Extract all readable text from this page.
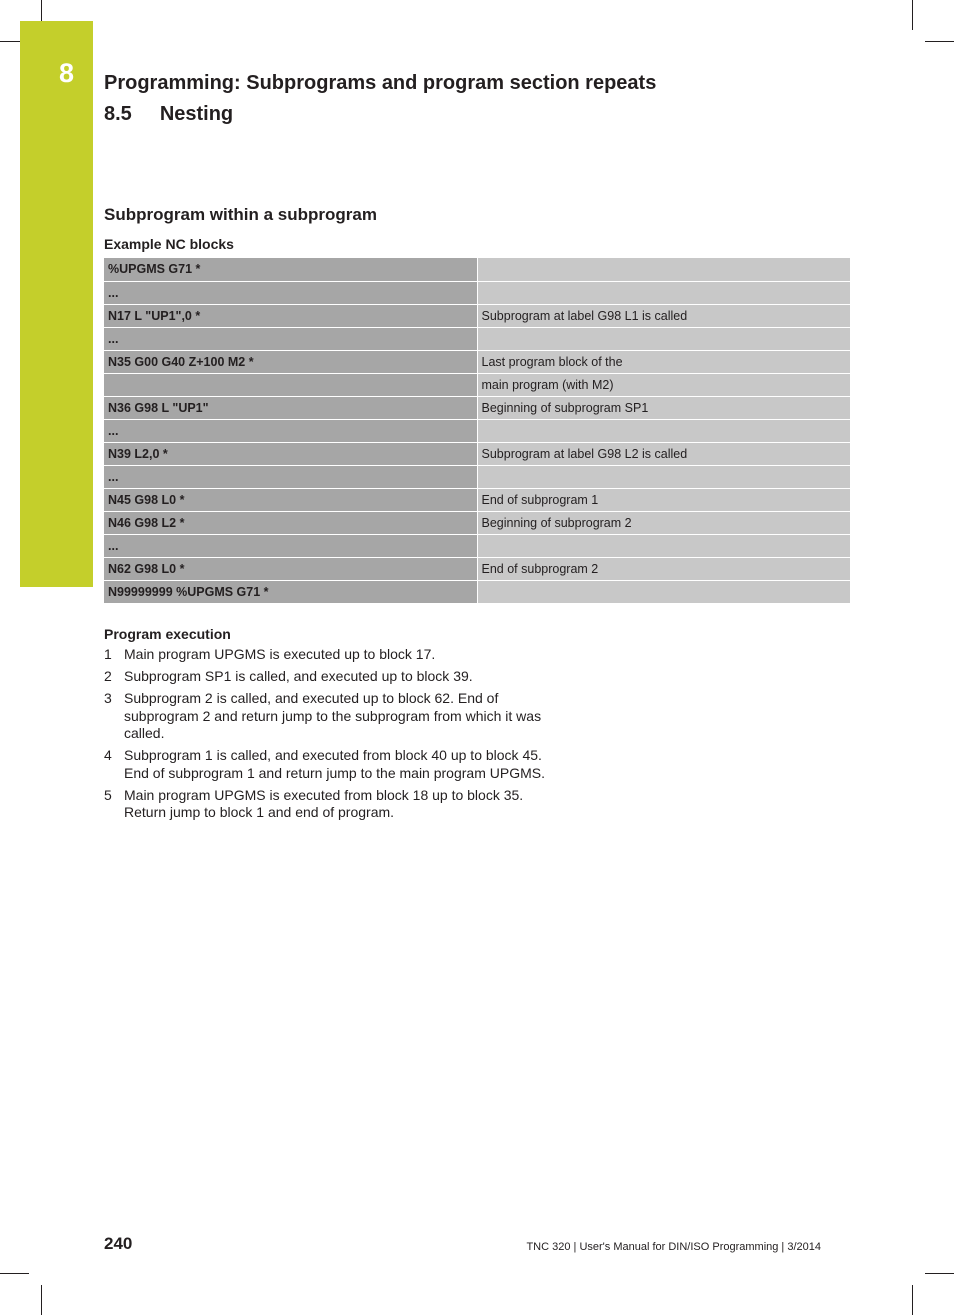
8	Programming: Subprograms and program section repeats
8.5 Nesting
Subprogram within a subprogram
Example NC blocks
%UPGMS G71 *	
...	
N17 L "UP1",0 *	Subprogram at label G98 L1 is called
...	
N35 G00 G40 Z+100 M2 *	Last program block of the
	main program (with M2)
N36 G98 L "UP1"	Beginning of subprogram SP1
...	
N39 L2,0 *	Subprogram at label G98 L2 is called
...	
N45 G98 L0 *	End of subprogram 1
N46 G98 L2 *	Beginning of subprogram 2
...	
N62 G98 L0 *	End of subprogram 2
N99999999 %UPGMS G71 *	
Program execution
1 Main program UPGMS is executed up to block 17.
2 Subprogram SP1 is called, and executed up to block 39.
3 Subprogram 2 is called, and executed up to block 62. End of subprogram 2 and return jump to the subprogram from which it was called.
4 Subprogram 1 is called, and executed from block 40 up to block 45. End of subprogram 1 and return jump to the main program UPGMS.
5 Main program UPGMS is executed from block 18 up to block 35. Return jump to block 1 and end of program.
240	TNC 320 | User's Manual for DIN/ISO Programming | 3/2014
